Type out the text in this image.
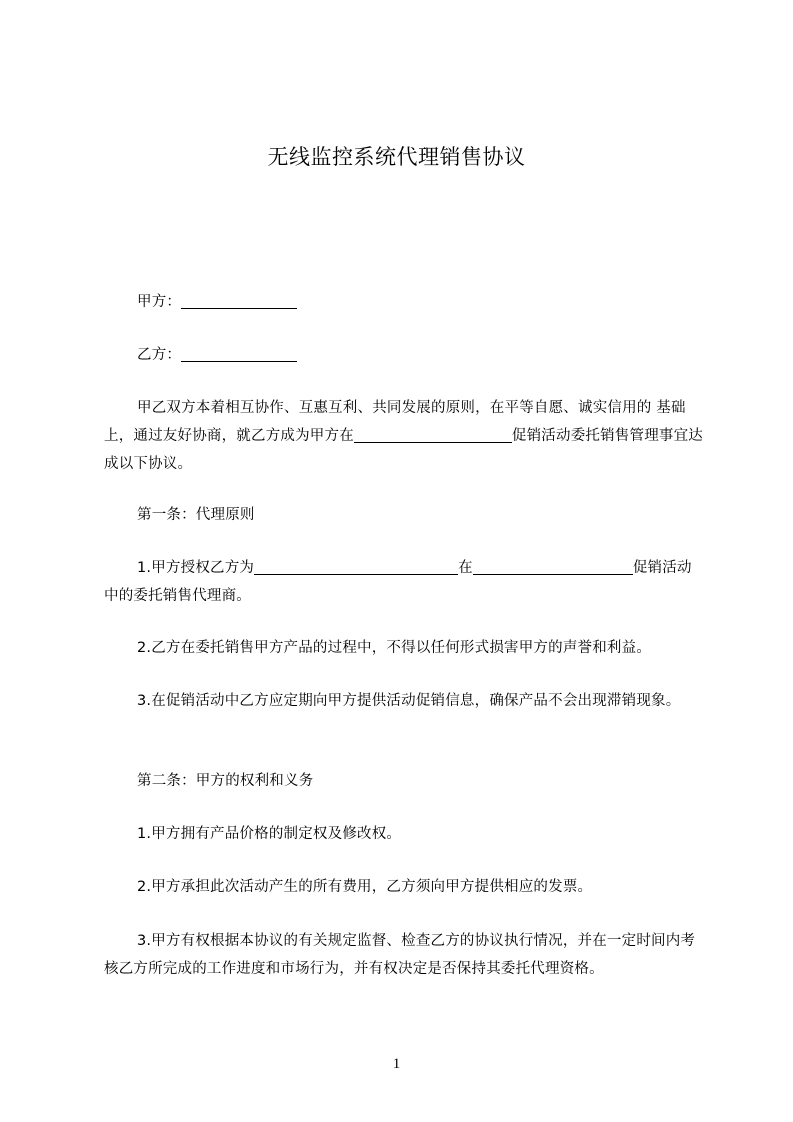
无线监控系统代理销售协议
甲方：
乙方：
甲乙双方本着相互协作、互惠互利、共同发展的原则，在平等自愿、诚实信用的 基础上，通过友好协商，就乙方成为甲方在	促销活动委托销售管理事宜达成以下协议。
第一条：代理原则
1.甲方授权乙方为	在	促销活动中的委托销售代理商。
2.乙方在委托销售甲方产品的过程中，不得以任何形式损害甲方的声誉和利益。
3.在促销活动中乙方应定期向甲方提供活动促销信息，确保产品不会出现滞销现象。
第二条：甲方的权利和义务
1.甲方拥有产品价格的制定权及修改权。
2.甲方承担此次活动产生的所有费用，乙方须向甲方提供相应的发票。
3.甲方有权根据本协议的有关规定监督、检查乙方的协议执行情况，并在一定时间内考核乙方所完成的工作进度和市场行为，并有权决定是否保持其委托代理资格。
1
